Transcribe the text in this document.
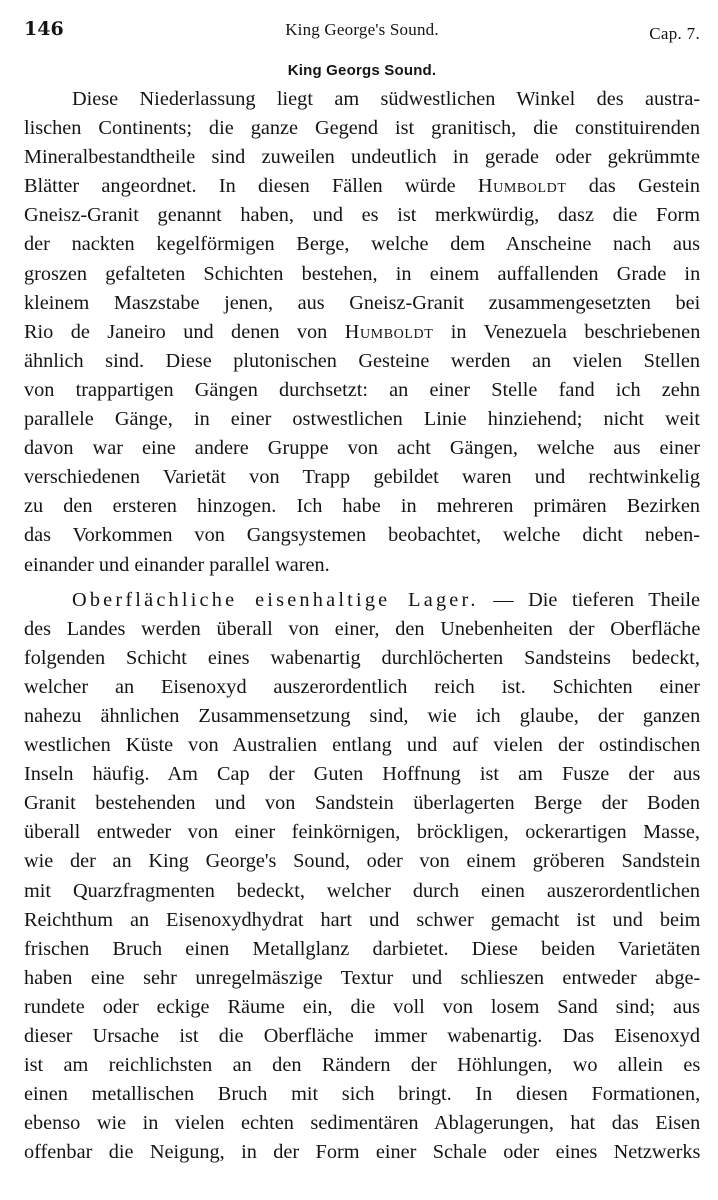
146	King George's Sound.	Cap. 7.
King Georgs Sound.
Diese Niederlassung liegt am südwestlichen Winkel des austra-
lischen Continents; die ganze Gegend ist granitisch, die constituirenden
Mineralbestandtheile sind zuweilen undeutlich in gerade oder gekrümmte
Blätter angeordnet. In diesen Fällen würde Humboldt das Gestein
Gneisz-Granit genannt haben, und es ist merkwürdig, dasz die Form
der nackten kegelförmigen Berge, welche dem Anscheine nach aus
groszen gefalteten Schichten bestehen, in einem auffallenden Grade in
kleinem Maszstabe jenen, aus Gneisz-Granit zusammengesetzten bei
Rio de Janeiro und denen von Humboldt in Venezuela beschriebenen
ähnlich sind. Diese plutonischen Gesteine werden an vielen Stellen
von trappartigen Gängen durchsetzt: an einer Stelle fand ich zehn
parallele Gänge, in einer ostwestlichen Linie hinziehend; nicht weit
davon war eine andere Gruppe von acht Gängen, welche aus einer
verschiedenen Varietät von Trapp gebildet waren und rechtwinkelig
zu den ersteren hinzogen. Ich habe in mehreren primären Bezirken
das Vorkommen von Gangsystemen beobachtet, welche dicht neben-
einander und einander parallel waren.
Oberflächliche eisenhaltige Lager. — Die tieferen Theile
des Landes werden überall von einer, den Unebenheiten der Oberfläche
folgenden Schicht eines wabenartig durchlöcherten Sandsteins bedeckt,
welcher an Eisenoxyd auszerordentlich reich ist. Schichten einer
nahezu ähnlichen Zusammensetzung sind, wie ich glaube, der ganzen
westlichen Küste von Australien entlang und auf vielen der ostindischen
Inseln häufig. Am Cap der Guten Hoffnung ist am Fusze der aus
Granit bestehenden und von Sandstein überlagerten Berge der Boden
überall entweder von einer feinkörnigen, bröckligen, ockerartigen Masse,
wie der an King George's Sound, oder von einem gröberen Sandstein
mit Quarzfragmenten bedeckt, welcher durch einen auszerordentlichen
Reichthum an Eisenoxydhydrat hart und schwer gemacht ist und beim
frischen Bruch einen Metallglanz darbietet. Diese beiden Varietäten
haben eine sehr unregelmäszige Textur und schlieszen entweder abge-
rundete oder eckige Räume ein, die voll von losem Sand sind; aus
dieser Ursache ist die Oberfläche immer wabenartig. Das Eisenoxyd
ist am reichlichsten an den Rändern der Höhlungen, wo allein es
einen metallischen Bruch mit sich bringt. In diesen Formationen,
ebenso wie in vielen echten sedimentären Ablagerungen, hat das Eisen
offenbar die Neigung, in der Form einer Schale oder eines Netzwerks
